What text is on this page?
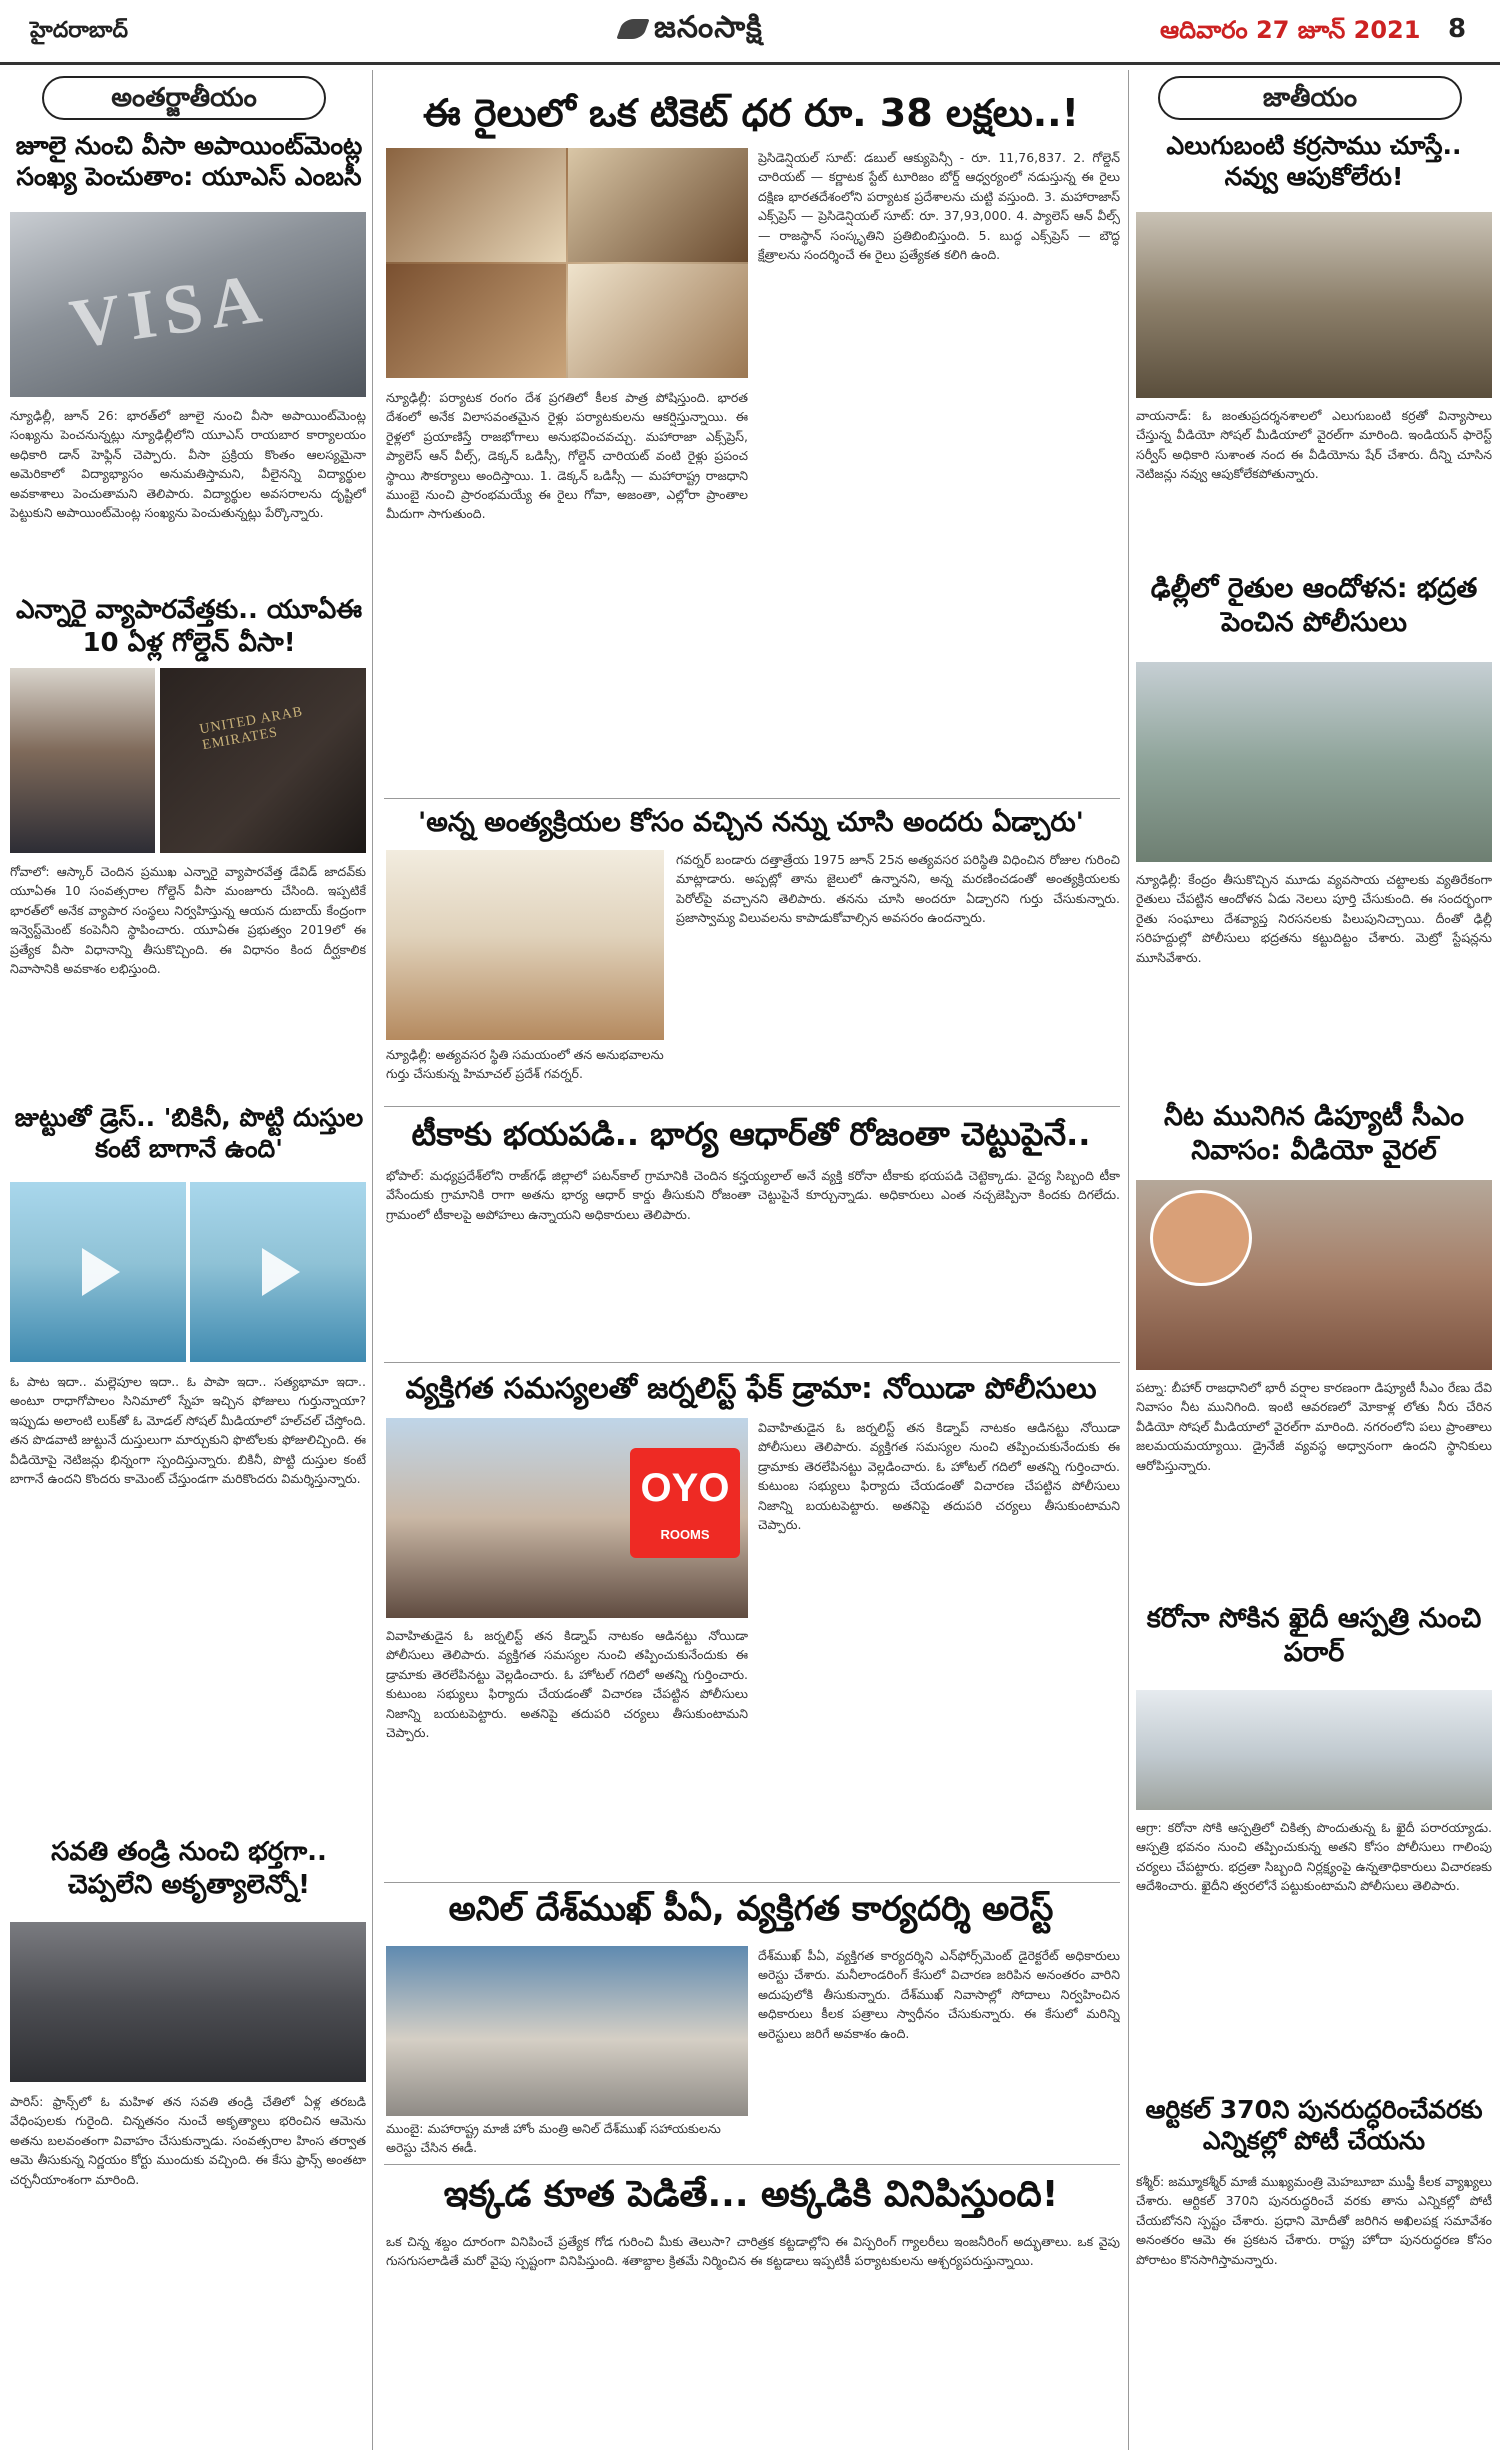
హైదరాబాద్	జనంసాక్షి	ఆదివారం 27 జూన్ 2021 8
అంతర్జాతీయం
జూలై నుంచి వీసా అపాయింట్‌మెంట్ల సంఖ్య పెంచుతాం: యూఎస్ ఎంబసీ
VISA
న్యూఢిల్లీ, జూన్ 26: భారత్‌లో జూలై నుంచి వీసా అపాయింట్‌మెంట్ల సంఖ్యను పెంచనున్నట్లు న్యూఢిల్లీలోని యూఎస్ రాయబార కార్యాలయం అధికారి డాన్ హెఫ్లిన్ చెప్పారు. వీసా ప్రక్రియ కొంతం ఆలస్యమైనా అమెరికాలో విద్యాభ్యాసం అనుమతిస్తామని, వీలైనన్ని విద్యార్థుల అవకాశాలు పెంచుతామని తెలిపారు. విద్యార్థుల అవసరాలను దృష్టిలో పెట్టుకుని అపాయింట్‌మెంట్ల సంఖ్యను పెంచుతున్నట్లు పేర్కొన్నారు.
ఎన్నారై వ్యాపారవేత్తకు.. యూఏఈ 10 ఏళ్ల గోల్డెన్ వీసా!
UNITED ARAB EMIRATES
గోవాలో: ఆస్కార్ చెందిన ప్రముఖ ఎన్నారై వ్యాపారవేత్త డేవిడ్ జాదవ్‌కు యూఏఈ 10 సంవత్సరాల గోల్డెన్ వీసా మంజూరు చేసింది. ఇప్పటికే భారత్‌లో అనేక వ్యాపార సంస్థలు నిర్వహిస్తున్న ఆయన దుబాయ్ కేంద్రంగా ఇన్వెస్ట్‌మెంట్ కంపెనీని స్థాపించారు. యూఏఈ ప్రభుత్వం 2019లో ఈ ప్రత్యేక వీసా విధానాన్ని తీసుకొచ్చింది. ఈ విధానం కింద దీర్ఘకాలిక నివాసానికి అవకాశం లభిస్తుంది.
జుట్టుతో డ్రెస్.. 'బికినీ, పొట్టి దుస్తుల కంటే బాగానే ఉంది'
ఓ పాట ఇదా.. మల్లెపూల ఇదా.. ఓ పాపా ఇదా.. సత్యభామా ఇదా.. అంటూ రాధాగోపాలం సినిమాలో స్నేహ ఇచ్చిన ఫోజులు గుర్తున్నాయా? ఇప్పుడు అలాంటి లుక్‌తో ఓ మోడల్ సోషల్ మీడియాలో హల్‌చల్ చేస్తోంది. తన పొడవాటి జుట్టునే దుస్తులుగా మార్చుకుని ఫొటోలకు ఫోజులిచ్చింది. ఈ వీడియోపై నెటిజన్లు భిన్నంగా స్పందిస్తున్నారు. బికినీ, పొట్టి దుస్తుల కంటే బాగానే ఉందని కొందరు కామెంట్ చేస్తుండగా మరికొందరు విమర్శిస్తున్నారు.
సవతి తండ్రి నుంచి భర్తగా.. చెప్పలేని అకృత్యాలెన్నో!
పారిస్: ఫ్రాన్స్‌లో ఓ మహిళ తన సవతి తండ్రి చేతిలో ఏళ్ల తరబడి వేధింపులకు గురైంది. చిన్నతనం నుంచే అకృత్యాలు భరించిన ఆమెను అతను బలవంతంగా వివాహం చేసుకున్నాడు. సంవత్సరాల హింస తర్వాత ఆమె తీసుకున్న నిర్ణయం కోర్టు ముందుకు వచ్చింది. ఈ కేసు ఫ్రాన్స్ అంతటా చర్చనీయాంశంగా మారింది.
ఈ రైలులో ఒక టికెట్ ధర రూ. 38 లక్షలు..!
న్యూఢిల్లీ: పర్యాటక రంగం దేశ ప్రగతిలో కీలక పాత్ర పోషిస్తుంది. భారత దేశంలో అనేక విలాసవంతమైన రైళ్లు పర్యాటకులను ఆకర్షిస్తున్నాయి. ఈ రైళ్లలో ప్రయాణిస్తే రాజభోగాలు అనుభవించవచ్చు. మహారాజా ఎక్స్‌ప్రెస్, ప్యాలెస్ ఆన్ వీల్స్, డెక్కన్ ఒడిస్సీ, గోల్డెన్ చారియట్ వంటి రైళ్లు ప్రపంచ స్థాయి సౌకర్యాలు అందిస్తాయి. 1. డెక్కన్ ఒడిస్సీ — మహారాష్ట్ర రాజధాని ముంబై నుంచి ప్రారంభమయ్యే ఈ రైలు గోవా, అజంతా, ఎల్లోరా ప్రాంతాల మీదుగా సాగుతుంది.
ప్రెసిడెన్షియల్ సూట్: డబుల్ ఆక్యుపెన్సీ - రూ. 11,76,837. 2. గోల్డెన్ చారియట్ — కర్ణాటక స్టేట్ టూరిజం బోర్డ్ ఆధ్వర్యంలో నడుస్తున్న ఈ రైలు దక్షిణ భారతదేశంలోని పర్యాటక ప్రదేశాలను చుట్టి వస్తుంది. 3. మహారాజాస్ ఎక్స్‌ప్రెస్ — ప్రెసిడెన్షియల్ సూట్: రూ. 37,93,000. 4. ప్యాలెస్ ఆన్ వీల్స్ — రాజస్థాన్ సంస్కృతిని ప్రతిబింబిస్తుంది. 5. బుద్ధ ఎక్స్‌ప్రెస్ — బౌద్ధ క్షేత్రాలను సందర్శించే ఈ రైలు ప్రత్యేకత కలిగి ఉంది.
'అన్న అంత్యక్రియల కోసం వచ్చిన నన్ను చూసి అందరు ఏడ్చారు'
న్యూఢిల్లీ: అత్యవసర స్థితి సమయంలో తన అనుభవాలను గుర్తు చేసుకున్న హిమాచల్ ప్రదేశ్ గవర్నర్.
గవర్నర్ బండారు దత్తాత్రేయ 1975 జూన్ 25న అత్యవసర పరిస్థితి విధించిన రోజుల గురించి మాట్లాడారు. అప్పట్లో తాను జైలులో ఉన్నానని, అన్న మరణించడంతో అంత్యక్రియలకు పెరోల్‌పై వచ్చానని తెలిపారు. తనను చూసి అందరూ ఏడ్చారని గుర్తు చేసుకున్నారు. ప్రజాస్వామ్య విలువలను కాపాడుకోవాల్సిన అవసరం ఉందన్నారు.
టీకాకు భయపడి.. భార్య ఆధార్‌తో రోజంతా చెట్టుపైనే..
భోపాల్: మధ్యప్రదేశ్‌లోని రాజ్‌గఢ్ జిల్లాలో పటన్‌కాల్ గ్రామానికి చెందిన కన్హయ్యలాల్ అనే వ్యక్తి కరోనా టీకాకు భయపడి చెట్టెక్కాడు. వైద్య సిబ్బంది టీకా వేసేందుకు గ్రామానికి రాగా అతను భార్య ఆధార్ కార్డు తీసుకుని రోజంతా చెట్టుపైనే కూర్చున్నాడు. అధికారులు ఎంత నచ్చజెప్పినా కిందకు దిగలేదు. గ్రామంలో టీకాలపై అపోహలు ఉన్నాయని అధికారులు తెలిపారు.
వ్యక్తిగత సమస్యలతో జర్నలిస్ట్ ఫేక్ డ్రామా: నోయిడా పోలీసులు
OYO
ROOMS
వివాహితుడైన ఓ జర్నలిస్ట్ తన కిడ్నాప్ నాటకం ఆడినట్టు నోయిడా పోలీసులు తెలిపారు. వ్యక్తిగత సమస్యల నుంచి తప్పించుకునేందుకు ఈ డ్రామాకు తెరలేపినట్టు వెల్లడించారు. ఓ హోటల్ గదిలో అతన్ని గుర్తించారు. కుటుంబ సభ్యులు ఫిర్యాదు చేయడంతో విచారణ చేపట్టిన పోలీసులు నిజాన్ని బయటపెట్టారు. అతనిపై తదుపరి చర్యలు తీసుకుంటామని చెప్పారు.
వివాహితుడైన ఓ జర్నలిస్ట్ తన కిడ్నాప్ నాటకం ఆడినట్టు నోయిడా పోలీసులు తెలిపారు. వ్యక్తిగత సమస్యల నుంచి తప్పించుకునేందుకు ఈ డ్రామాకు తెరలేపినట్టు వెల్లడించారు. ఓ హోటల్ గదిలో అతన్ని గుర్తించారు. కుటుంబ సభ్యులు ఫిర్యాదు చేయడంతో విచారణ చేపట్టిన పోలీసులు నిజాన్ని బయటపెట్టారు. అతనిపై తదుపరి చర్యలు తీసుకుంటామని చెప్పారు.
అనిల్ దేశ్‌ముఖ్ పీఏ, వ్యక్తిగత కార్యదర్శి అరెస్ట్
ముంబై: మహారాష్ట్ర మాజీ హోం మంత్రి అనిల్ దేశ్‌ముఖ్ సహాయకులను అరెస్టు చేసిన ఈడీ.
దేశ్‌ముఖ్ పీఏ, వ్యక్తిగత కార్యదర్శిని ఎన్‌ఫోర్స్‌మెంట్ డైరెక్టరేట్ అధికారులు అరెస్టు చేశారు. మనీలాండరింగ్ కేసులో విచారణ జరిపిన అనంతరం వారిని అదుపులోకి తీసుకున్నారు. దేశ్‌ముఖ్ నివాసాల్లో సోదాలు నిర్వహించిన అధికారులు కీలక పత్రాలు స్వాధీనం చేసుకున్నారు. ఈ కేసులో మరిన్ని అరెస్టులు జరిగే అవకాశం ఉంది.
ఇక్కడ కూత పెడితే... అక్కడికి వినిపిస్తుంది!
ఒక చిన్న శబ్దం దూరంగా వినిపించే ప్రత్యేక గోడ గురించి మీకు తెలుసా? చారిత్రక కట్టడాల్లోని ఈ విస్పరింగ్ గ్యాలరీలు ఇంజనీరింగ్ అద్భుతాలు. ఒక వైపు గుసగుసలాడితే మరో వైపు స్పష్టంగా వినిపిస్తుంది. శతాబ్దాల క్రితమే నిర్మించిన ఈ కట్టడాలు ఇప్పటికీ పర్యాటకులను ఆశ్చర్యపరుస్తున్నాయి.
జాతీయం
ఎలుగుబంటి కర్రసాము చూస్తే.. నవ్వు ఆపుకోలేరు!
వాయనాడ్: ఓ జంతుప్రదర్శనశాలలో ఎలుగుబంటి కర్రతో విన్యాసాలు చేస్తున్న వీడియో సోషల్ మీడియాలో వైరల్‌గా మారింది. ఇండియన్ ఫారెస్ట్ సర్వీస్ అధికారి సుశాంత నంద ఈ వీడియోను షేర్ చేశారు. దీన్ని చూసిన నెటిజన్లు నవ్వు ఆపుకోలేకపోతున్నారు.
ఢిల్లీలో రైతుల ఆందోళన: భద్రత పెంచిన పోలీసులు
న్యూఢిల్లీ: కేంద్రం తీసుకొచ్చిన మూడు వ్యవసాయ చట్టాలకు వ్యతిరేకంగా రైతులు చేపట్టిన ఆందోళన ఏడు నెలలు పూర్తి చేసుకుంది. ఈ సందర్భంగా రైతు సంఘాలు దేశవ్యాప్త నిరసనలకు పిలుపునిచ్చాయి. దీంతో ఢిల్లీ సరిహద్దుల్లో పోలీసులు భద్రతను కట్టుదిట్టం చేశారు. మెట్రో స్టేషన్లను మూసివేశారు.
నీట మునిగిన డిప్యూటీ సీఎం నివాసం: వీడియో వైరల్
పట్నా: బీహార్ రాజధానిలో భారీ వర్షాల కారణంగా డిప్యూటీ సీఎం రేణు దేవి నివాసం నీట మునిగింది. ఇంటి ఆవరణలో మోకాళ్ల లోతు నీరు చేరిన వీడియో సోషల్ మీడియాలో వైరల్‌గా మారింది. నగరంలోని పలు ప్రాంతాలు జలమయమయ్యాయి. డ్రైనేజీ వ్యవస్థ అధ్వానంగా ఉందని స్థానికులు ఆరోపిస్తున్నారు.
కరోనా సోకిన ఖైదీ ఆస్పత్రి నుంచి పరార్
ఆగ్రా: కరోనా సోకి ఆస్పత్రిలో చికిత్స పొందుతున్న ఓ ఖైదీ పరారయ్యాడు. ఆస్పత్రి భవనం నుంచి తప్పించుకున్న అతని కోసం పోలీసులు గాలింపు చర్యలు చేపట్టారు. భద్రతా సిబ్బంది నిర్లక్ష్యంపై ఉన్నతాధికారులు విచారణకు ఆదేశించారు. ఖైదీని త్వరలోనే పట్టుకుంటామని పోలీసులు తెలిపారు.
ఆర్టికల్ 370ని పునరుద్ధరించేవరకు ఎన్నికల్లో పోటీ చేయను
కశ్మీర్: జమ్మూకశ్మీర్ మాజీ ముఖ్యమంత్రి మెహబూబా ముఫ్తీ కీలక వ్యాఖ్యలు చేశారు. ఆర్టికల్ 370ని పునరుద్ధరించే వరకు తాను ఎన్నికల్లో పోటీ చేయబోనని స్పష్టం చేశారు. ప్రధాని మోదీతో జరిగిన అఖిలపక్ష సమావేశం అనంతరం ఆమె ఈ ప్రకటన చేశారు. రాష్ట్ర హోదా పునరుద్ధరణ కోసం పోరాటం కొనసాగిస్తామన్నారు.
